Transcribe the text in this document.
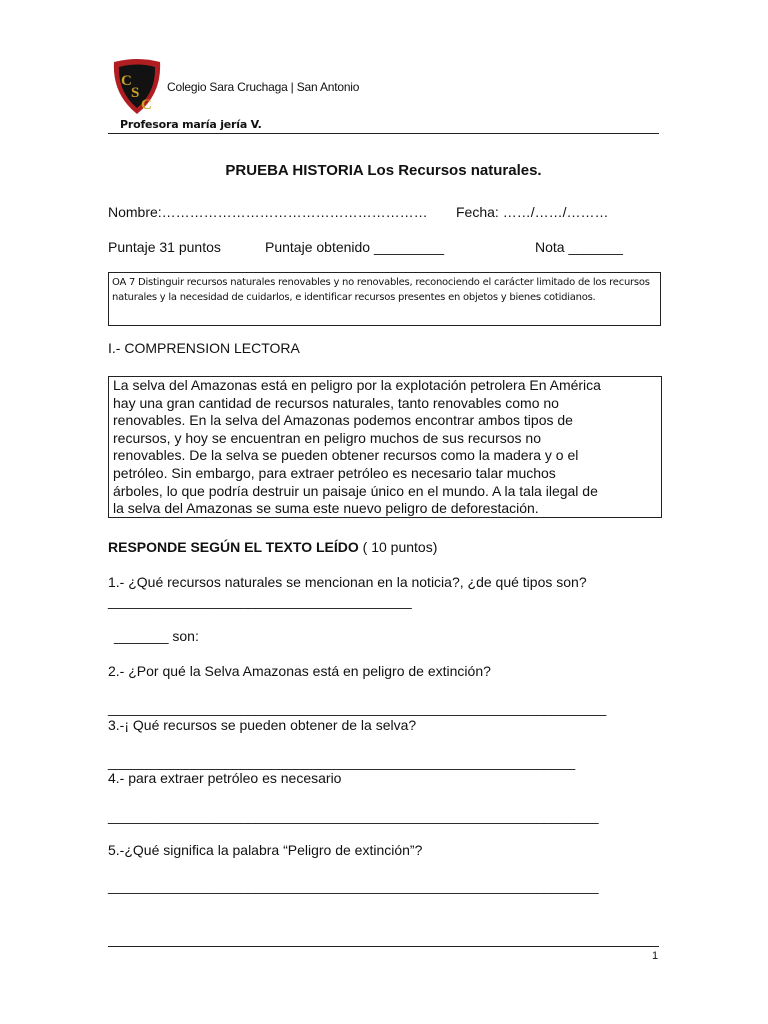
C
S
C
Colegio Sara Cruchaga | San Antonio
Profesora maría jería V.
PRUEBA HISTORIA Los Recursos naturales.
Nombre:………………………………………………… Fecha: ……/……/………
Puntaje 31 puntos	Puntaje obtenido _________	Nota _______
OA 7 Distinguir recursos naturales renovables y no renovables, reconociendo el carácter limitado de los recursos naturales y la necesidad de cuidarlos, e identificar recursos presentes en objetos y bienes cotidianos.
I.- COMPRENSION LECTORA
La selva del Amazonas está en peligro por la explotación petrolera En América
hay una gran cantidad de recursos naturales, tanto renovables como no
renovables. En la selva del Amazonas podemos encontrar ambos tipos de
recursos, y hoy se encuentran en peligro muchos de sus recursos no
renovables. De la selva se pueden obtener recursos como la madera y o el
petróleo. Sin embargo, para extraer petróleo es necesario talar muchos
árboles, lo que podría destruir un paisaje único en el mundo. A la tala ilegal de
la selva del Amazonas se suma este nuevo peligro de deforestación.
RESPONDE SEGÚN EL TEXTO LEÍDO ( 10 puntos)
1.- ¿Qué recursos naturales se mencionan en la noticia?, ¿de qué tipos son?
_______________________________________
_______ son:
2.- ¿Por qué la Selva Amazonas está en peligro de extinción?
________________________________________________________________
3.-¡ Qué recursos se pueden obtener de la selva?
____________________________________________________________
4.- para extraer petróleo es necesario
_______________________________________________________________
5.-¿Qué significa la palabra “Peligro de extinción”?
_______________________________________________________________
1
